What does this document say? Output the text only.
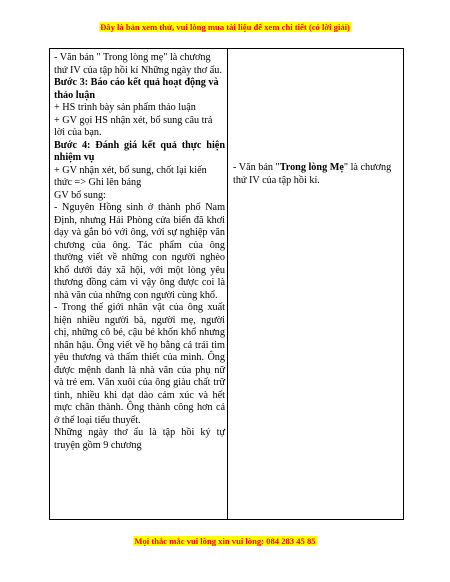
Đây là bản xem thử, vui lòng mua tài liệu để xem chi tiết (có lời giải)

- Văn bản " Trong lòng mẹ" là chương thứ IV của tập hồi kí Những ngày thơ ấu.

Bước 3: Báo cáo kết quả hoạt động và thảo luận

+ HS trình bày sản phẩm thảo luận

+ GV gọi HS nhận xét, bổ sung câu trả lời của bạn.

Bước 4: Đánh giá kết quả thực hiện nhiệm vụ

+ GV nhận xét, bổ sung, chốt lại kiến thức => Ghi lên bảng

GV bổ sung:

- Nguyên Hồng sinh ở thành phố Nam Định, nhưng Hải Phòng cửa biển đã khơi dạy và gắn bó với ông, với sự nghiệp văn chương của ông. Tác phẩm của ông thường viết về những con người nghèo khổ dưới đáy xã hội, với một lòng yêu thương đồng cảm vì vậy ông được coi là nhà văn của những con người cùng khổ.

- Trong thế giới nhân vật của ông xuất hiện nhiều người bà, người mẹ, người chị, những cô bé, cậu bé khốn khổ nhưng nhân hậu. Ông viết về họ bằng cả trái tim yêu thương và thấm thiết của mình. Ông được mệnh danh là nhà văn của phụ nữ và trẻ em. Văn xuôi của ông giàu chất trữ tình, nhiều khi dạt dào cảm xúc và hết mực chân thành. Ông thành công hơn cả ở thể loại tiểu thuyết.

Những ngày thơ ấu là tập hồi ký tự truyện gồm 9 chương

- Văn bản "Trong lòng Mẹ" là chương thứ IV của tập hồi kí.

Mọi thắc mắc vui lòng xin vui lòng: 084 283 45 85
